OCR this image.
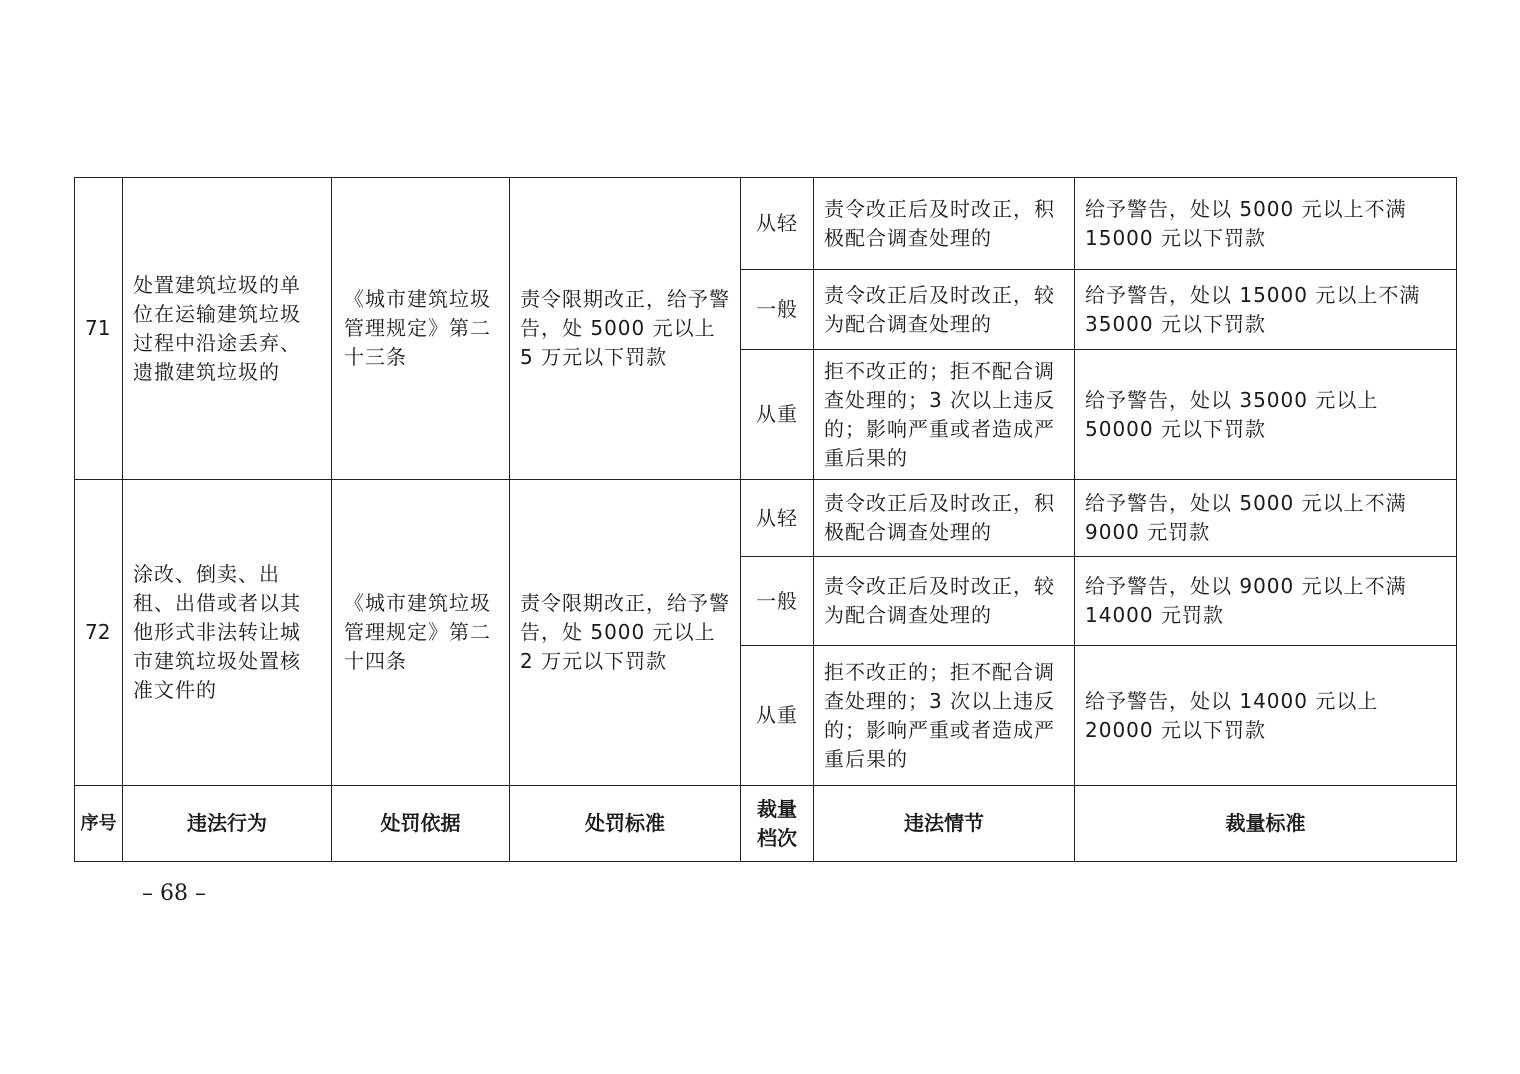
71	处置建筑垃圾的单位在运输建筑垃圾过程中沿途丢弃、遗撒建筑垃圾的	《城市建筑垃圾管理规定》第二十三条	责令限期改正，给予警告，处 5000 元以上 5 万元以下罚款	从轻	责令改正后及时改正，积极配合调查处理的	给予警告，处以 5000 元以上不满 15000 元以下罚款
				一般	责令改正后及时改正，较为配合调查处理的	给予警告，处以 15000 元以上不满 35000 元以下罚款
				从重	拒不改正的；拒不配合调查处理的；3 次以上违反的；影响严重或者造成严重后果的	给予警告，处以 35000 元以上 50000 元以下罚款
72	涂改、倒卖、出租、出借或者以其他形式非法转让城市建筑垃圾处置核准文件的	《城市建筑垃圾管理规定》第二十四条	责令限期改正，给予警告，处 5000 元以上 2 万元以下罚款	从轻	责令改正后及时改正，积极配合调查处理的	给予警告，处以 5000 元以上不满 9000 元罚款
				一般	责令改正后及时改正，较为配合调查处理的	给予警告，处以 9000 元以上不满 14000 元罚款
				从重	拒不改正的；拒不配合调查处理的；3 次以上违反的；影响严重或者造成严重后果的	给予警告，处以 14000 元以上 20000 元以下罚款
序号	违法行为	处罚依据	处罚标准	裁量档次	违法情节	裁量标准
– 68 –
